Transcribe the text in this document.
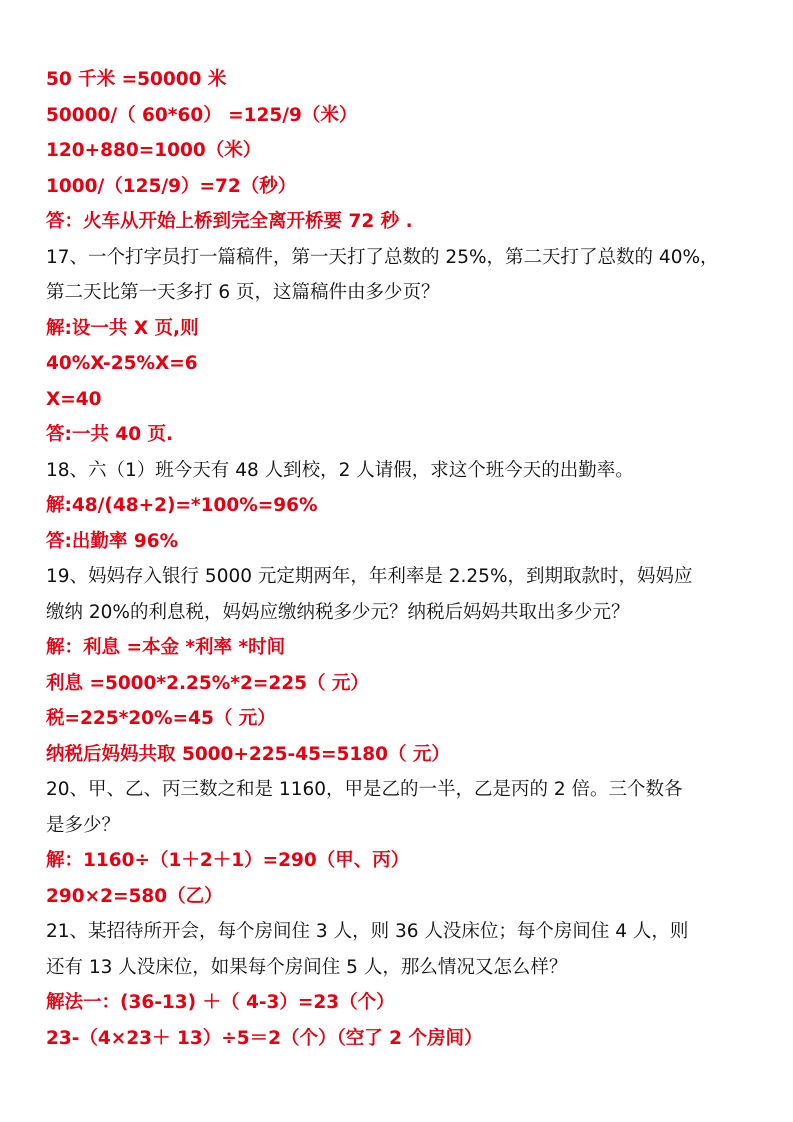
50 千米 =50000 米
50000/（ 60*60） =125/9（米）
120+880=1000（米）
1000/（125/9）=72（秒）
答：火车从开始上桥到完全离开桥要 72 秒 .
17、一个打字员打一篇稿件，第一天打了总数的 25%，第二天打了总数的 40%，
第二天比第一天多打 6 页，这篇稿件由多少页？
解:设一共 X 页,则
40%X-25%X=6
X=40
答:一共 40 页.
18、六（1）班今天有 48 人到校，2 人请假，求这个班今天的出勤率。
解:48/(48+2)=*100%=96%
答:出勤率 96%
19、妈妈存入银行 5000 元定期两年，年利率是 2.25%，到期取款时，妈妈应
缴纳 20%的利息税，妈妈应缴纳税多少元？纳税后妈妈共取出多少元？
解：利息 =本金 *利率 *时间
利息 =5000*2.25%*2=225（ 元）
税=225*20%=45（ 元）
纳税后妈妈共取 5000+225-45=5180（ 元）
20、甲、乙、丙三数之和是 1160，甲是乙的一半，乙是丙的 2 倍。三个数各
是多少？
解：1160÷（1＋2＋1）=290（甲、丙）
290×2=580（乙）
21、某招待所开会，每个房间住 3 人，则 36 人没床位；每个房间住 4 人，则
还有 13 人没床位，如果每个房间住 5 人，那么情况又怎么样？
解法一：(36-13) ＋（ 4-3）=23（个）
23-（4×23＋ 13）÷5＝2（个）（空了 2 个房间）
